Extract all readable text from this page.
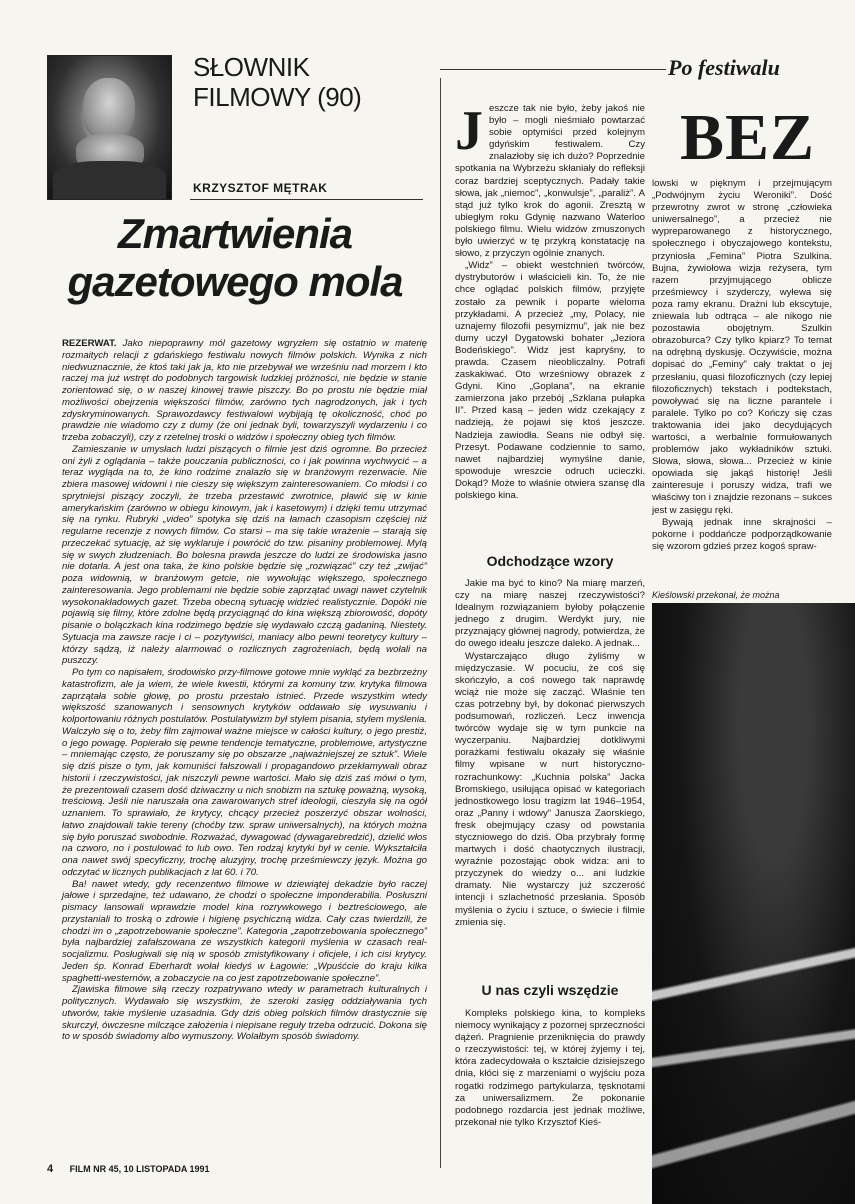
SŁOWNIK
FILMOWY (90)
KRZYSZTOF MĘTRAK
Zmartwienia
gazetowego mola

REZERWAT. Jako niepoprawny mól gazetowy wgryzłem się ostatnio w materię rozmaitych relacji z gdańskiego festiwalu nowych filmów polskich. Wynika z nich niedwuznacznie, że ktoś taki jak ja, kto nie przebywał we wrześniu nad morzem i kto raczej ma już wstręt do podobnych targowisk ludzkiej próżności, nie będzie w stanie zorientować się, o w naszej kinowej trawie piszczy. Bo po prostu nie będzie miał możliwości obejrzenia większości filmów, zarówno tych nagrodzonych, jak i tych zdyskryminowanych. Sprawozdawcy festiwalowi wybijają tę okoliczność, choć po prawdzie nie wiadomo czy z dumy (że oni jednak byli, towarzyszyli wydarzeniu i co trzeba zobaczyli), czy z rzetelnej troski o widzów i społeczny obieg tych filmów.

Zamieszanie w umysłach ludzi piszących o filmie jest dziś ogromne. Bo przecież oni żyli z oglądania – także pouczania publiczności, co i jak powinna wychwycić – a teraz wygląda na to, że kino rodzime znalazło się w branżowym rezerwacie. Nie zbiera masowej widowni i nie cieszy się większym zainteresowaniem. Co młodsi i co sprytniejsi piszący zoczyli, że trzeba przestawić zwrotnice, pławić się w kinie amerykańskim (zarówno w obiegu kinowym, jak i kasetowym) i dzięki temu utrzymać się na rynku. Rubryki „video” spotyka się dziś na łamach czasopism częściej niż regularne recenzje z nowych filmów. Co starsi – ma się takie wrażenie – starają się przeczekać sytuację, aż się wyklaruje i powrócić do tzw. pisaniny problemowej. Mylą się w swych złudzeniach. Bo bolesna prawda jeszcze do ludzi ze środowiska jasno nie dotarła. A jest ona taka, że kino polskie będzie się „rozwiązać” czy też „zwijać” poza widownią, w branżowym getcie, nie wywołując większego, społecznego zainteresowania. Jego problemami nie będzie sobie zaprzątać uwagi nawet czytelnik wysokonakładowych gazet. Trzeba obecną sytuację widzieć realistycznie. Dopóki nie pojawią się filmy, które zdolne będą przyciągnąć do kina większą zbiorowość, dopóty pisanie o bolączkach kina rodzimego będzie się wydawało czczą gadaniną. Niestety. Sytuacja ma zawsze racje i ci – pozytywiści, maniacy albo pewni teoretycy kultury – którzy sądzą, iż należy alarmować o rozlicznych zagrożeniach, będą wołali na puszczy.

Po tym co napisałem, środowisko przy-filmowe gotowe mnie wykląć za bezbrzeżny katastrofizm, ale ja wiem, że wiele kwestii, którymi za komuny tzw. krytyka filmowa zaprzątała sobie głowę, po prostu przestało istnieć. Przede wszystkim wtedy większość szanowanych i sensownych krytyków oddawało się wysuwaniu i kolportowaniu różnych postulatów. Postulatywizm był stylem pisania, stylem myślenia. Walczyło się o to, żeby film zajmował ważne miejsce w całości kultury, o jego prestiż, o jego powagę. Popierało się pewne tendencje tematyczne, problemowe, artystyczne – mniemając często, że poruszamy się po obszarze „najważniejszej ze sztuk”. Wiele się dziś pisze o tym, jak komuniści fałszowali i propagandowo przekłamywali obraz historii i rzeczywistości, jak niszczyli pewne wartości. Mało się dziś zaś mówi o tym, że prezentowali czasem dość dziwaczny u nich snobizm na sztukę poważną, wysoką, treściową. Jeśli nie naruszała ona zawarowanych stref ideologii, cieszyła się na ogół uznaniem. To sprawiało, że krytycy, chcący przecież poszerzyć obszar wolności, łatwo znajdowali takie tereny (choćby tzw. spraw uniwersalnych), na których można się było poruszać swobodnie. Rozważać, dywagować (dywagarebredzić), dzielić włos na czworo, no i postulować to lub owo. Ten rodzaj krytyki był w cenie. Wykształciła ona nawet swój specyficzny, trochę aluzyjny, trochę prześmiewczy język. Można go odczytać w licznych publikacjach z lat 60. i 70.

Ba! nawet wtedy, gdy recenzentwo filmowe w dziewiątej dekadzie było raczej jałowe i sprzedajne, też udawano, że chodzi o społeczne imponderabilia. Posłuszni pismacy lansowali wprawdzie model kina rozrywkowego i beztreściowego, ale przystaniali to troską o zdrowie i higienę psychiczną widza. Cały czas twierdzili, że chodzi im o „zapotrzebowanie społeczne”. Kategoria „zapotrzebowania społecznego” była najbardziej zafałszowana ze wszystkich kategorii myślenia w czasach real-socjalizmu. Posługiwali się nią w sposób zmistyfikowany i oficjele, i ich cisi krytycy. Jeden śp. Konrad Eberhardt wołał kiedyś w Łagowie: „Wpuśćcie do kraju kilka spaghetti-westernów, a zobaczycie na co jest zapotrzebowanie społeczne”.

Zjawiska filmowe siłą rzeczy rozpatrywano wtedy w parametrach kulturalnych i politycznych. Wydawało się wszystkim, że szeroki zasięg oddziaływania tych utworów, takie myślenie uzasadnia. Gdy dziś obieg polskich filmów drastycznie się skurczył, ówczesne milczące założenia i niepisane reguły trzeba odrzucić. Dokona się to w sposób świadomy albo wymuszony. Wolałbym sposób świadomy.

Po festiwalu
BEZ
J eszcze tak nie było, żeby jakoś nie było – mogli nieśmiało powtarzać sobie optymiści przed kolejnym gdyńskim festiwalem. Czy znalazłoby się ich dużo? Poprzednie spotkania na Wybrzeżu skłaniały do refleksji coraz bardziej sceptycznych. Padały takie słowa, jak „niemoc”, „konwulsje”, „paraliż”. A stąd już tylko krok do agonii. Zresztą w ubiegłym roku Gdynię nazwano Waterloo polskiego filmu. Wielu widzów zmuszonych było uwierzyć w tę przykrą konstatację na słowo, z przyczyn ogólnie znanych.

„Widz” – obiekt westchnień twórców, dystrybutorów i właścicieli kin. To, że nie chce oglądać polskich filmów, przyjęte zostało za pewnik i poparte wieloma przykładami. A przecież „my, Polacy, nie uznajemy filozofii pesymizmu”, jak nie bez dumy uczył Dygatowski bohater „Jeziora Bodeńskiego”. Widz jest kapryśny, to prawda. Czasem nieobliczalny. Potrafi zaskakiwać. Oto wrześniowy obrazek z Gdyni. Kino „Goplana”, na ekranie zamierzona jako przebój „Szklana pułapka II”. Przed kasą – jeden widz czekający z nadzieją, że pojawi się ktoś jeszcze. Nadzieja zawiodła. Seans nie odbył się. Przesyt. Podawane codziennie to samo, nawet najbardziej wymyślne danie, spowoduje wreszcie odruch ucieczki. Dokąd? Może to właśnie otwiera szansę dla polskiego kina.

Odchodzące wzory

Jakie ma być to kino? Na miarę marzeń, czy na miarę naszej rzeczywistości? Idealnym rozwiązaniem byłoby połączenie jednego z drugim. Werdykt jury, nie przyznający głównej nagrody, potwierdza, że do owego ideału jeszcze daleko. A jednak...

Wystarczająco długo żyliśmy w międzyczasie. W pocuciu, że coś się skończyło, a coś nowego tak naprawdę wciąż nie może się zacząć. Właśnie ten czas potrzebny był, by dokonać pierwszych podsumowań, rozliczeń. Lecz inwencja twórców wydaje się w tym punkcie na wyczerpaniu. Najbardziej dotkliwymi porażkami festiwalu okazały się właśnie filmy wpisane w nurt historyczno-rozrachunkowy: „Kuchnia polska” Jacka Bromskiego, usiłująca opisać w kategoriach jednostkowego losu tragizm lat 1946–1954, oraz „Panny i wdowy” Janusza Zaorskiego, fresk obejmujący czasy od powstania styczniowego do dziś. Oba przybrały formę martwych i dość chaotycznych ilustracji, wyraźnie pozostając obok widza: ani to przyczynek do wiedzy o... ani ludzkie dramaty. Nie wystarczy już szczerość intencji i szlachetność przesłania. Sposób myślenia o życiu i sztuce, o świecie i filmie zmienia się.

U nas czyli wszędzie

Kompleks polskiego kina, to kompleks niemocy wynikający z pozornej sprzeczności dążeń. Pragnienie przeniknięcia do prawdy o rzeczywistości: tej, w której żyjemy i tej, która zadecydowała o kształcie dzisiejszego dnia, kłóci się z marzeniami o wyjściu poza rogatki rodzimego partykularza, tęsknotami za uniwersalizmem. Że pokonanie podobnego rozdarcia jest jednak możliwe, przekonał nie tylko Krzysztof Kieś-

lowski w pięknym i przejmującym „Podwójnym życiu Weroniki”. Dość przewrotny zwrot w stronę „człowieka uniwersalnego”, a przecież nie wypreparowanego z historycznego, społecznego i obyczajowego kontekstu, przyniosła „Femina” Piotra Szulkina. Bujna, żywiołowa wizja reżysera, tym razem przyjmującego oblicze prześmiewcy i szyderczy, wyłewa się poza ramy ekranu. Drażni lub ekscytuje, zniewala lub odtrąca – ale nikogo nie pozostawia obojętnym. Szulkin obrazoburca? Czy tylko kpiarz? To temat na odrębną dyskusję. Oczywiście, można dopisać do „Feminy” cały traktat o jej przesłaniu, quasi filozoficznych (czy lepiej filozoficznych) tekstach i podtekstach, powoływać się na liczne parantele i paralele. Tylko po co? Kończy się czas traktowania idei jako decydujących wartości, a werbalnie formułowanych problemów jako wykładników sztuki. Słowa, słowa, słowa... Przecież w kinie opowiada się jakąś historię! Jeśli zainteresuje i poruszy widza, trafi we właściwy ton i znajdzie rezonans – sukces jest w zasięgu ręki.

Bywają jednak inne skrajności – pokorne i poddańcze podporządkowanie się wzorom gdzieś przez kogoś spraw-

Kieślowski przekonał, że można
4 FILM NR 45, 10 LISTOPADA 1991
